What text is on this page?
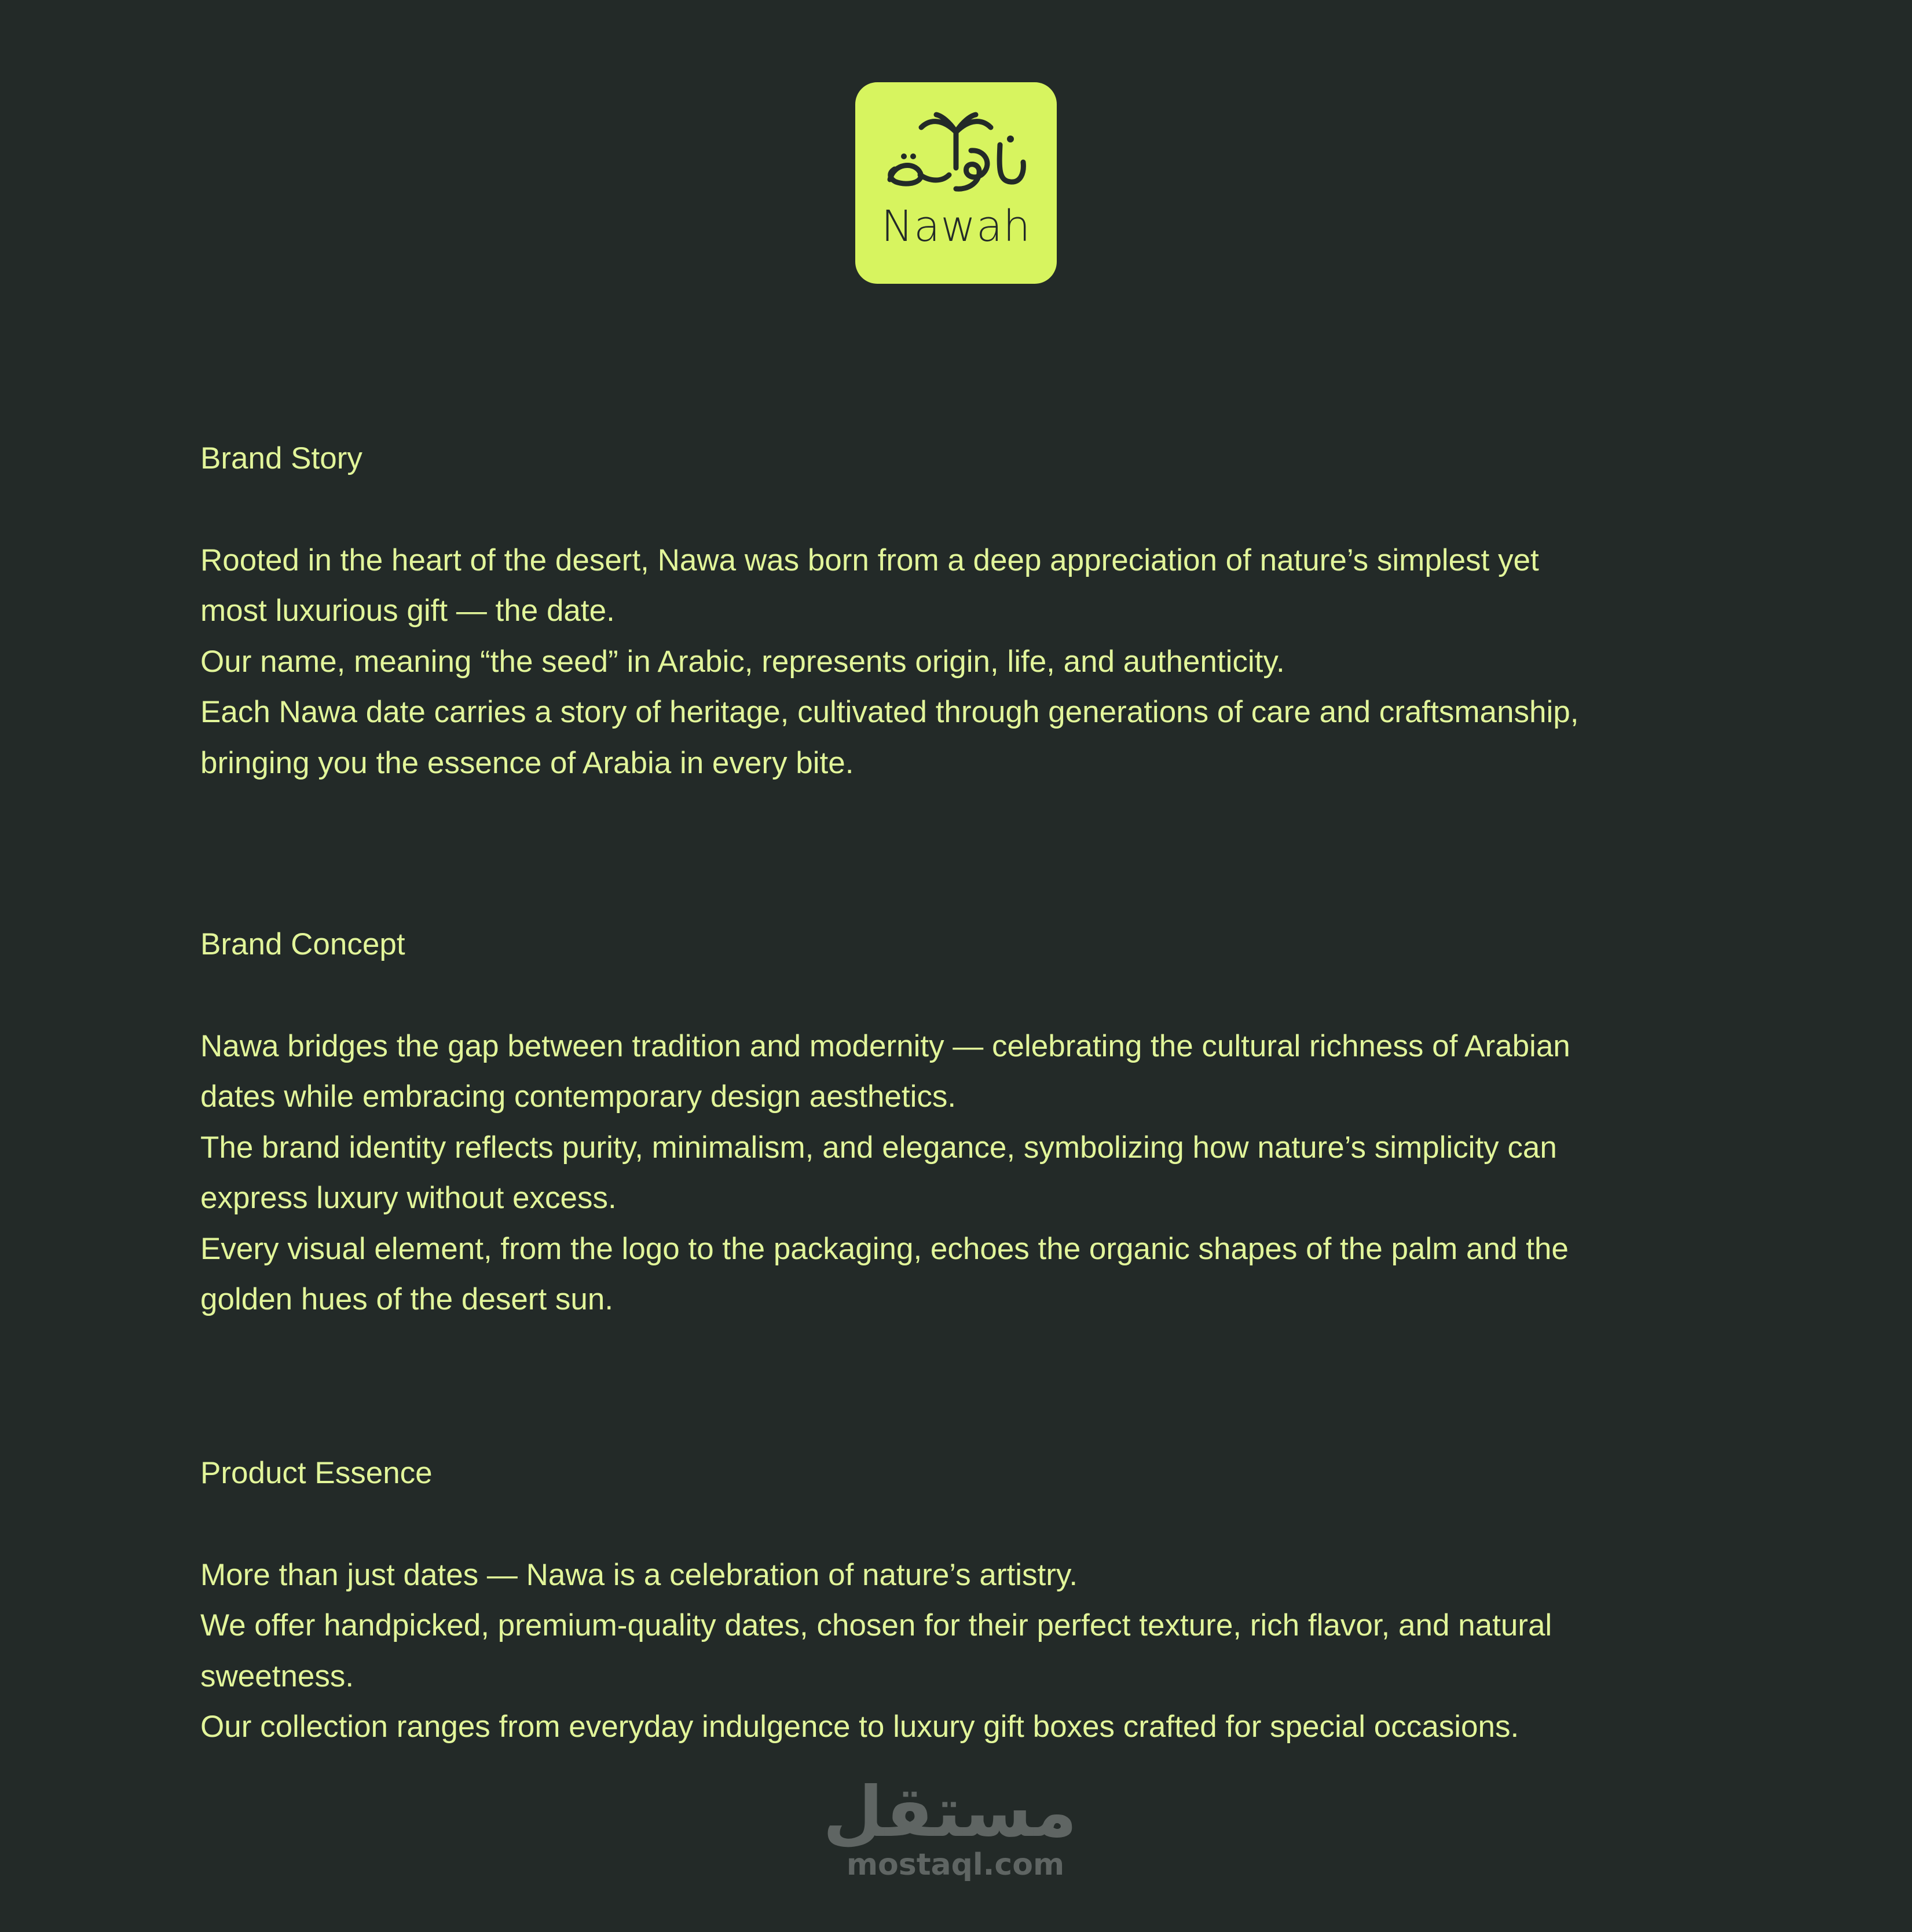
Nawah
Brand Story
Rooted in the heart of the desert, Nawa was born from a deep appreciation of nature’s simplest yet
most luxurious gift — the date.
Our name, meaning “the seed” in Arabic, represents origin, life, and authenticity.
Each Nawa date carries a story of heritage, cultivated through generations of care and craftsmanship,
bringing you the essence of Arabia in every bite.
Brand Concept
Nawa bridges the gap between tradition and modernity — celebrating the cultural richness of Arabian
dates while embracing contemporary design aesthetics.
The brand identity reflects purity, minimalism, and elegance, symbolizing how nature’s simplicity can
express luxury without excess.
Every visual element, from the logo to the packaging, echoes the organic shapes of the palm and the
golden hues of the desert sun.
Product Essence
More than just dates — Nawa is a celebration of nature’s artistry.
We offer handpicked, premium-quality dates, chosen for their perfect texture, rich flavor, and natural
sweetness.
Our collection ranges from everyday indulgence to luxury gift boxes crafted for special occasions.
مستقل
mostaql.com
